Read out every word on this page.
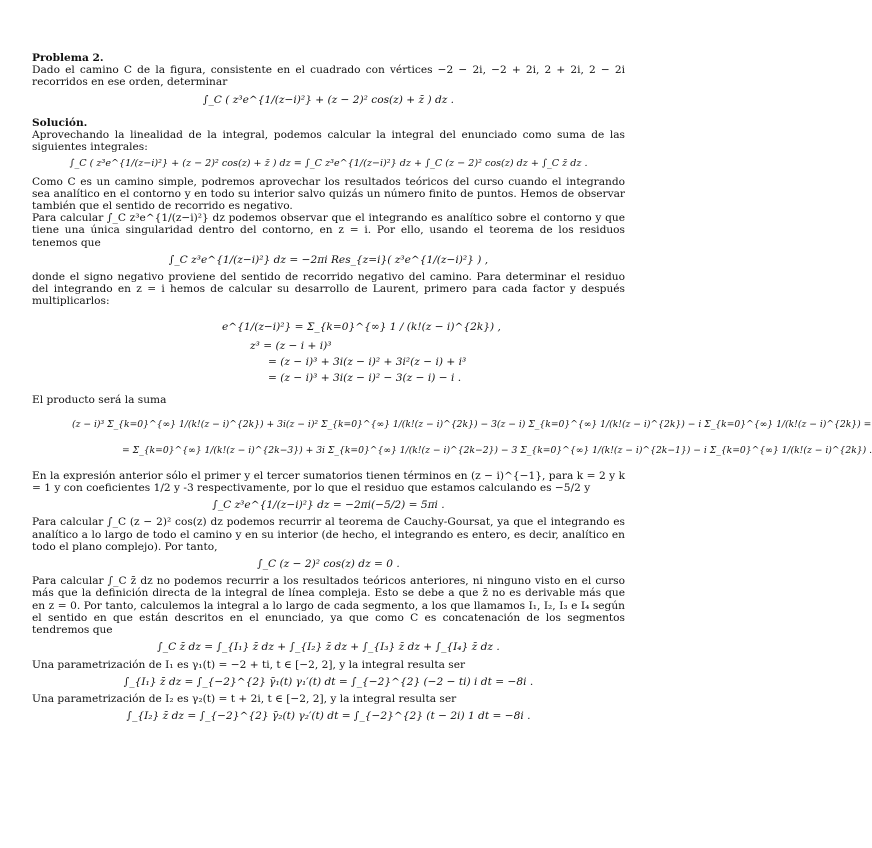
Problema 2.

Dado el camino C de la figura, consistente en el cuadrado con vértices −2 − 2i, −2 + 2i, 2 + 2i, 2 − 2i recorridos en ese orden, determinar

∫_C ( z³e^{1/(z−i)²} + (z − 2)² cos(z) + z̄ ) dz .

Solución.

Aprovechando la linealidad de la integral, podemos calcular la integral del enunciado como suma de las siguientes integrales:

∫_C ( z³e^{1/(z−i)²} + (z − 2)² cos(z) + z̄ ) dz = ∫_C z³e^{1/(z−i)²} dz + ∫_C (z − 2)² cos(z) dz + ∫_C z̄ dz .

Como C es un camino simple, podremos aprovechar los resultados teóricos del curso cuando el integrando sea analítico en el contorno y en todo su interior salvo quizás un número finito de puntos. Hemos de observar también que el sentido de recorrido es negativo.

Para calcular ∫_C z³e^{1/(z−i)²} dz podemos observar que el integrando es analítico sobre el contorno y que tiene una única singularidad dentro del contorno, en z = i. Por ello, usando el teorema de los residuos tenemos que

∫_C z³e^{1/(z−i)²} dz = −2πi Res_{z=i}( z³e^{1/(z−i)²} ) ,

donde el signo negativo proviene del sentido de recorrido negativo del camino. Para determinar el residuo del integrando en z = i hemos de calcular su desarrollo de Laurent, primero para cada factor y después multiplicarlos:

e^{1/(z−i)²} = Σ_{k=0}^{∞} 1 / (k!(z − i)^{2k}) ,
z³ = (z − i + i)³
= (z − i)³ + 3i(z − i)² + 3i²(z − i) + i³
= (z − i)³ + 3i(z − i)² − 3(z − i) − i .

El producto será la suma

(z − i)³ Σ_{k=0}^{∞} 1/(k!(z − i)^{2k}) + 3i(z − i)² Σ_{k=0}^{∞} 1/(k!(z − i)^{2k}) − 3(z − i) Σ_{k=0}^{∞} 1/(k!(z − i)^{2k}) − i Σ_{k=0}^{∞} 1/(k!(z − i)^{2k}) =
= Σ_{k=0}^{∞} 1/(k!(z − i)^{2k−3}) + 3i Σ_{k=0}^{∞} 1/(k!(z − i)^{2k−2}) − 3 Σ_{k=0}^{∞} 1/(k!(z − i)^{2k−1}) − i Σ_{k=0}^{∞} 1/(k!(z − i)^{2k}) .

En la expresión anterior sólo el primer y el tercer sumatorios tienen términos en (z − i)^{−1}, para k = 2 y k = 1 y con coeficientes 1/2 y -3 respectivamente, por lo que el residuo que estamos calculando es −5/2 y

∫_C z³e^{1/(z−i)²} dz = −2πi(−5/2) = 5πi .

Para calcular ∫_C (z − 2)² cos(z) dz podemos recurrir al teorema de Cauchy-Goursat, ya que el integrando es analítico a lo largo de todo el camino y en su interior (de hecho, el integrando es entero, es decir, analítico en todo el plano complejo). Por tanto,

∫_C (z − 2)² cos(z) dz = 0 .

Para calcular ∫_C z̄ dz no podemos recurrir a los resultados teóricos anteriores, ni ninguno visto en el curso más que la definición directa de la integral de línea compleja. Esto se debe a que z̄ no es derivable más que en z = 0. Por tanto, calculemos la integral a lo largo de cada segmento, a los que llamamos I₁, I₂, I₃ e I₄ según el sentido en que están descritos en el enunciado, ya que como C es concatenación de los segmentos tendremos que

∫_C z̄ dz = ∫_{I₁} z̄ dz + ∫_{I₂} z̄ dz + ∫_{I₃} z̄ dz + ∫_{I₄} z̄ dz .

Una parametrización de I₁ es γ₁(t) = −2 + ti, t ∈ [−2, 2], y la integral resulta ser

∫_{I₁} z̄ dz = ∫_{−2}^{2} γ̄₁(t) γ₁′(t) dt = ∫_{−2}^{2} (−2 − ti) i dt = −8i .

Una parametrización de I₂ es γ₂(t) = t + 2i, t ∈ [−2, 2], y la integral resulta ser

∫_{I₂} z̄ dz = ∫_{−2}^{2} γ̄₂(t) γ₂′(t) dt = ∫_{−2}^{2} (t − 2i) 1 dt = −8i .
